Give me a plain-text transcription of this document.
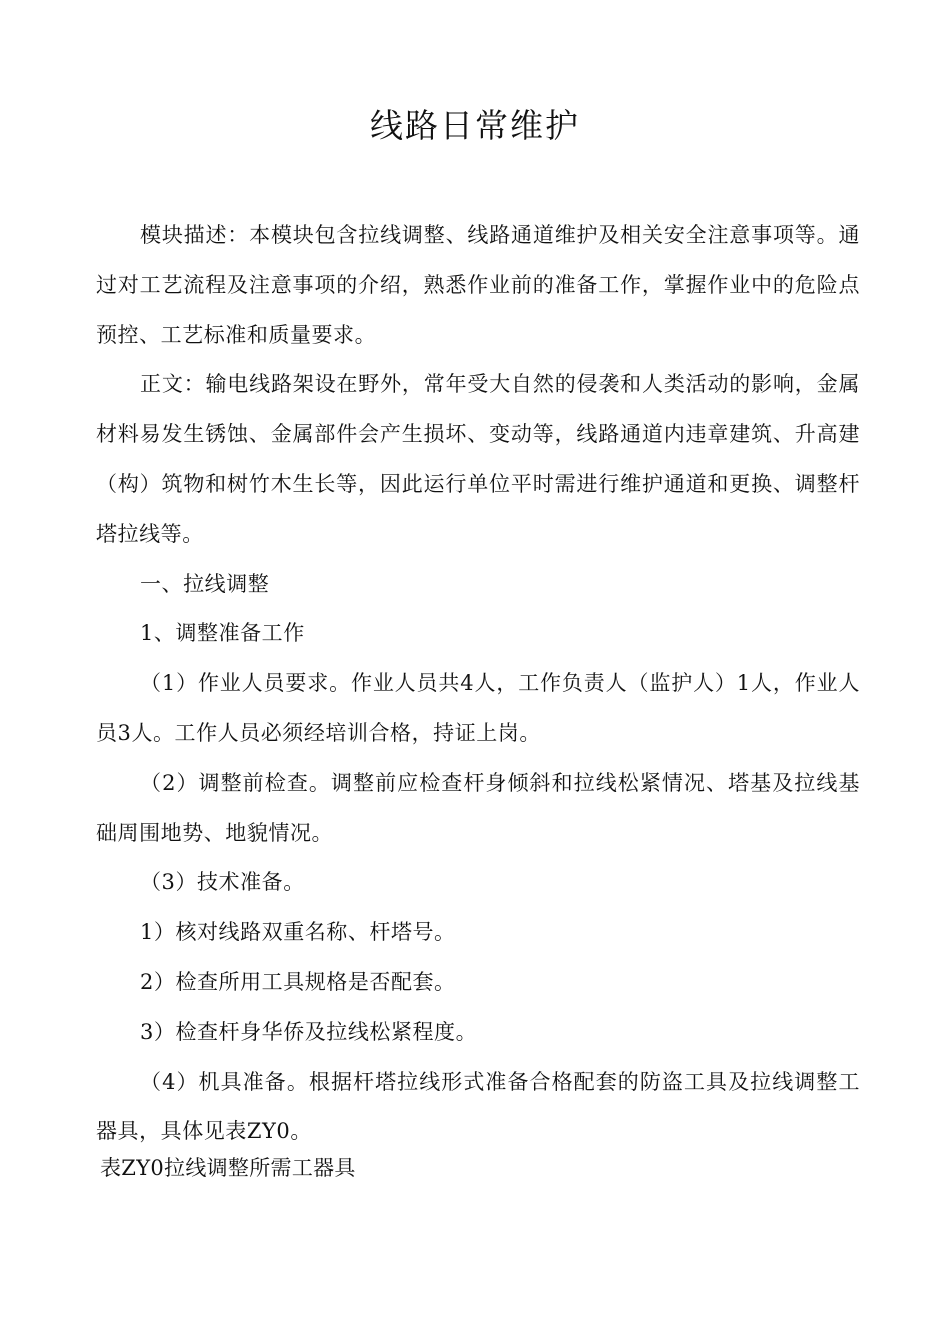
线路日常维护

模块描述：本模块包含拉线调整、线路通道维护及相关安全注意事项等。通过对工艺流程及注意事项的介绍，熟悉作业前的准备工作，掌握作业中的危险点预控、工艺标准和质量要求。

正文：输电线路架设在野外，常年受大自然的侵袭和人类活动的影响，金属材料易发生锈蚀、金属部件会产生损坏、变动等，线路通道内违章建筑、升高建（构）筑物和树竹木生长等，因此运行单位平时需进行维护通道和更换、调整杆塔拉线等。

一、拉线调整

1、调整准备工作

（1）作业人员要求。作业人员共4人，工作负责人（监护人）1人，作业人员3人。工作人员必须经培训合格，持证上岗。

（2）调整前检查。调整前应检查杆身倾斜和拉线松紧情况、塔基及拉线基础周围地势、地貌情况。

（3）技术准备。

1）核对线路双重名称、杆塔号。

2）检查所用工具规格是否配套。

3）检查杆身华侨及拉线松紧程度。

（4）机具准备。根据杆塔拉线形式准备合格配套的防盗工具及拉线调整工器具，具体见表ZY0。

表ZY0拉线调整所需工器具
